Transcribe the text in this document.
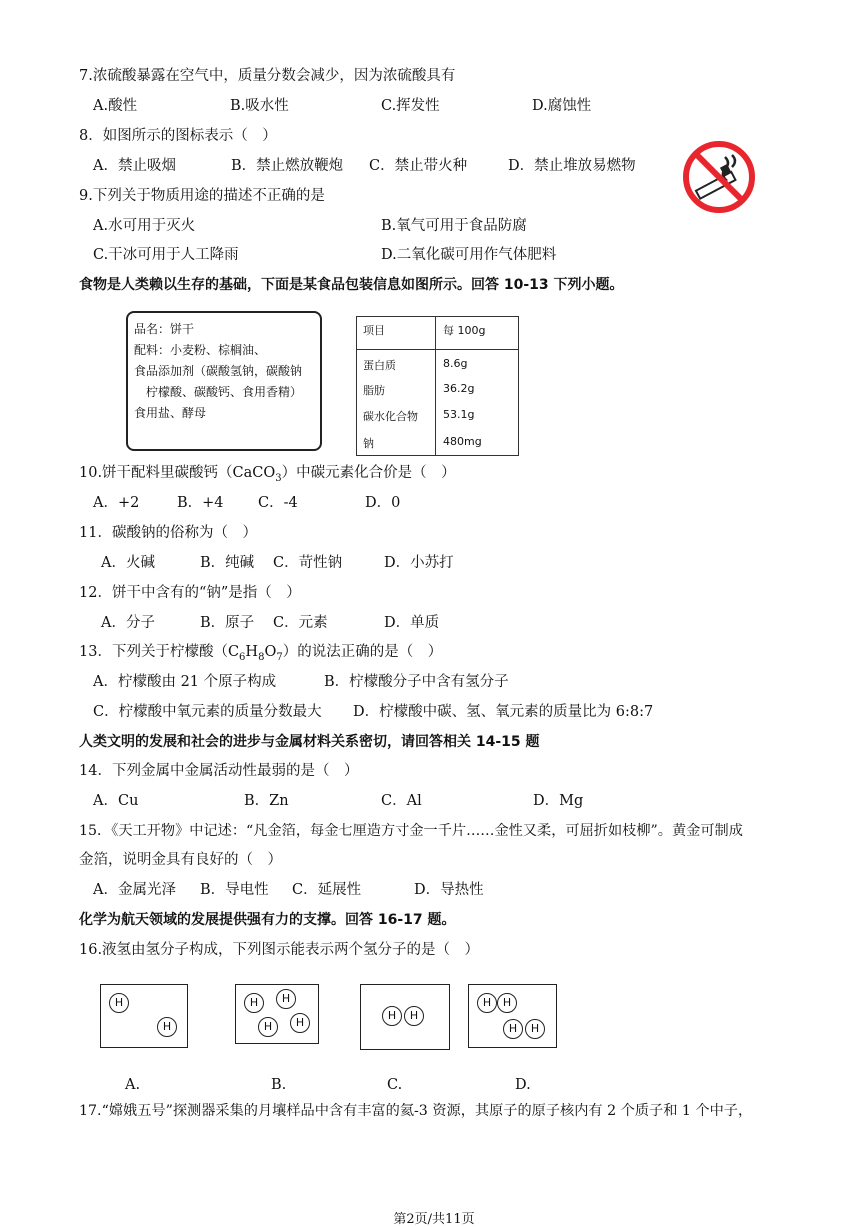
7.浓硫酸暴露在空气中，质量分数会减少，因为浓硫酸具有
A.酸性	B.吸水性	C.挥发性	D.腐蚀性
8．如图所示的图标表示（　）
A．禁止吸烟	B．禁止燃放鞭炮 C．禁止带火种	D．禁止堆放易燃物
9.下列关于物质用途的描述不正确的是
A.水可用于灭火	B.氧气可用于食品防腐
C.干冰可用于人工降雨	D.二氧化碳可用作气体肥料
食物是人类赖以生存的基础，下面是某食品包装信息如图所示。回答 10-13 下列小题。
品名：饼干
配料：小麦粉、棕榈油、
食品添加剂（碳酸氢钠，碳酸钠
　柠檬酸、碳酸钙、食用香精）
食用盐、酵母
项目	每 100g
蛋白质	8.6g
脂肪	36.2g
碳水化合物 53.1g
钠	480mg
10.饼干配料里碳酸钙（CaCO$_3$）中碳元素化合价是（　）
A．+2	B．+4 C．-4	D．0
11．碳酸钠的俗称为（　）
A．火碱	B．纯碱 C．苛性钠	D．小苏打
12．饼干中含有的“钠”是指（　）
A．分子	B．原子 C．元素	D．单质
13．下列关于柠檬酸$(C_6H_8O_7)$的说法正确的是（　）
A．柠檬酸由 21 个原子构成	B．柠檬酸分子中含有氢分子
C．柠檬酸中氧元素的质量分数最大 D．柠檬酸中碳、氢、氧元素的质量比为 6:8:7
人类文明的发展和社会的进步与金属材料关系密切，请回答相关 14-15 题
14．下列金属中金属活动性最弱的是（　）
A．Cu	B．Zn	C．Al	D．Mg
15．《天工开物》中记述：“凡金箔，每金七厘造方寸金一千片……金性又柔，可屈折如枝柳”。黄金可制成
金箔，说明金具有良好的（　）
A．金属光泽 B．导电性 C．延展性	D．导热性
化学为航天领域的发展提供强有力的支撑。回答 16-17 题。
16.液氢由氢分子构成，下列图示能表示两个氢分子的是（　）
H
H
H	H
H	H
H	H
H	H
H	H
A.	B.	C.	D.
17.“嫦娥五号”探测器采集的月壤样品中含有丰富的氦-3 资源，其原子的原子核内有 2 个质子和 1 个中子，
第2页/共11页
